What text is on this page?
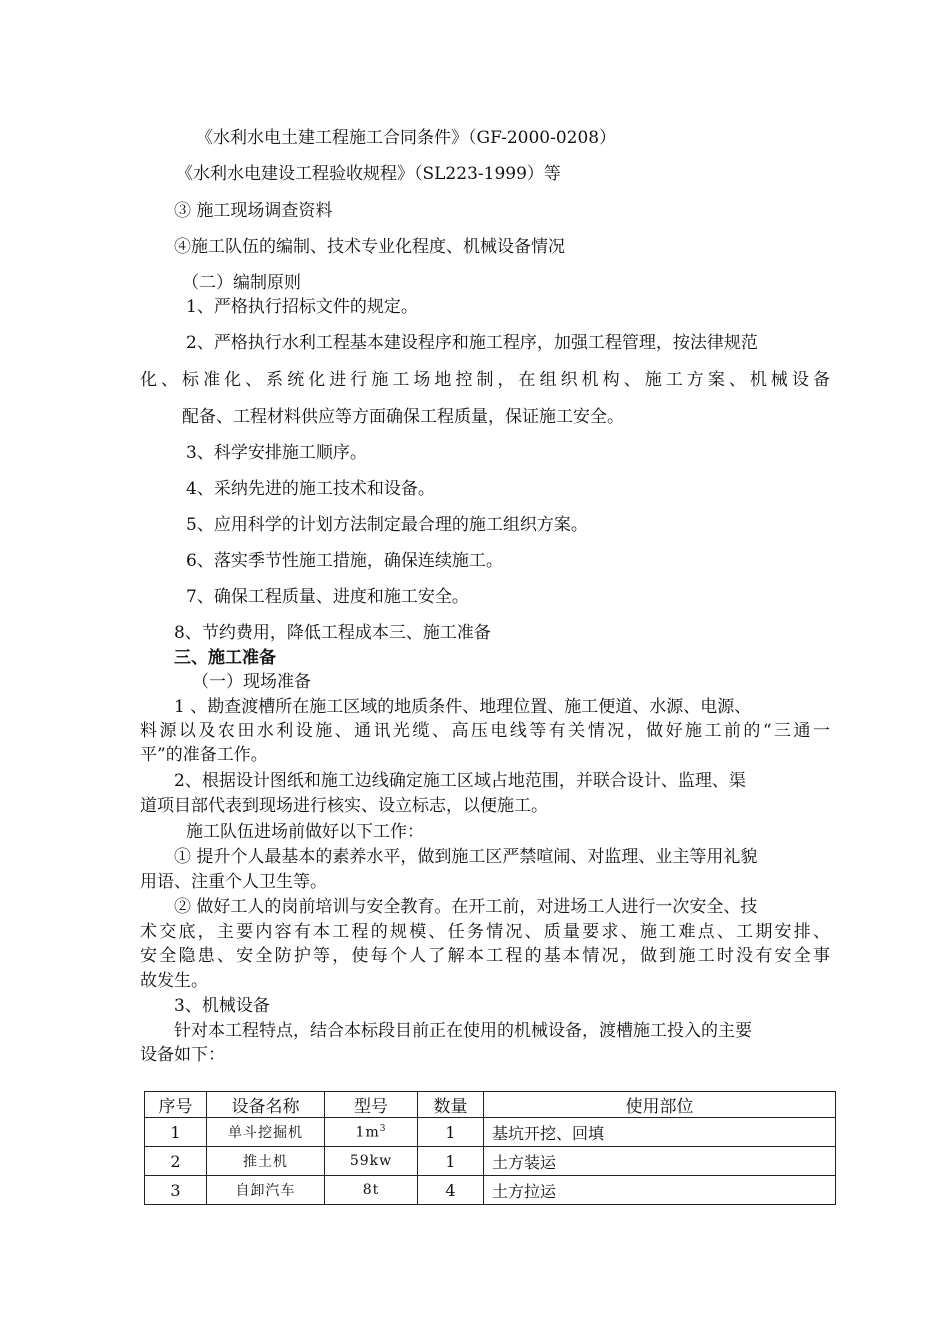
《水利水电土建工程施工合同条件》（GF-2000-0208）
《水利水电建设工程验收规程》（SL223-1999）等
③ 施工现场调查资料
④施工队伍的编制、技术专业化程度、机械设备情况
（二）编制原则
1、严格执行招标文件的规定。
2、严格执行水利工程基本建设程序和施工程序，加强工程管理，按法律规范
化、标准化、系统化进行施工场地控制，在组织机构、施工方案、机械设备
配备、工程材料供应等方面确保工程质量，保证施工安全。
3、科学安排施工顺序。
4、采纳先进的施工技术和设备。
5、应用科学的计划方法制定最合理的施工组织方案。
6、落实季节性施工措施，确保连续施工。
7、确保工程质量、进度和施工安全。
8、节约费用，降低工程成本三、施工准备
三、施工准备
（一）现场准备
1 、勘查渡槽所在施工区域的地质条件、地理位置、施工便道、水源、电源、
料源以及农田水利设施、通讯光缆、高压电线等有关情况，做好施工前的“三通一
平”的准备工作。
2、根据设计图纸和施工边线确定施工区域占地范围，并联合设计、监理、渠
道项目部代表到现场进行核实、设立标志，以便施工。
施工队伍进场前做好以下工作：
① 提升个人最基本的素养水平，做到施工区严禁喧闹、对监理、业主等用礼貌
用语、注重个人卫生等。
② 做好工人的岗前培训与安全教育。在开工前，对进场工人进行一次安全、技
术交底，主要内容有本工程的规模、任务情况、质量要求、施工难点、工期安排、
安全隐患、安全防护等，使每个人了解本工程的基本情况，做到施工时没有安全事
故发生。
3、机械设备
针对本工程特点，结合本标段目前正在使用的机械设备，渡槽施工投入的主要
设备如下：
序号	设备名称	型号	数量	使用部位
1	单斗挖掘机	$1m^3$	1	基坑开挖、回填
2	推土机	59kw	1	土方装运
3	自卸汽车	8t	4	土方拉运
